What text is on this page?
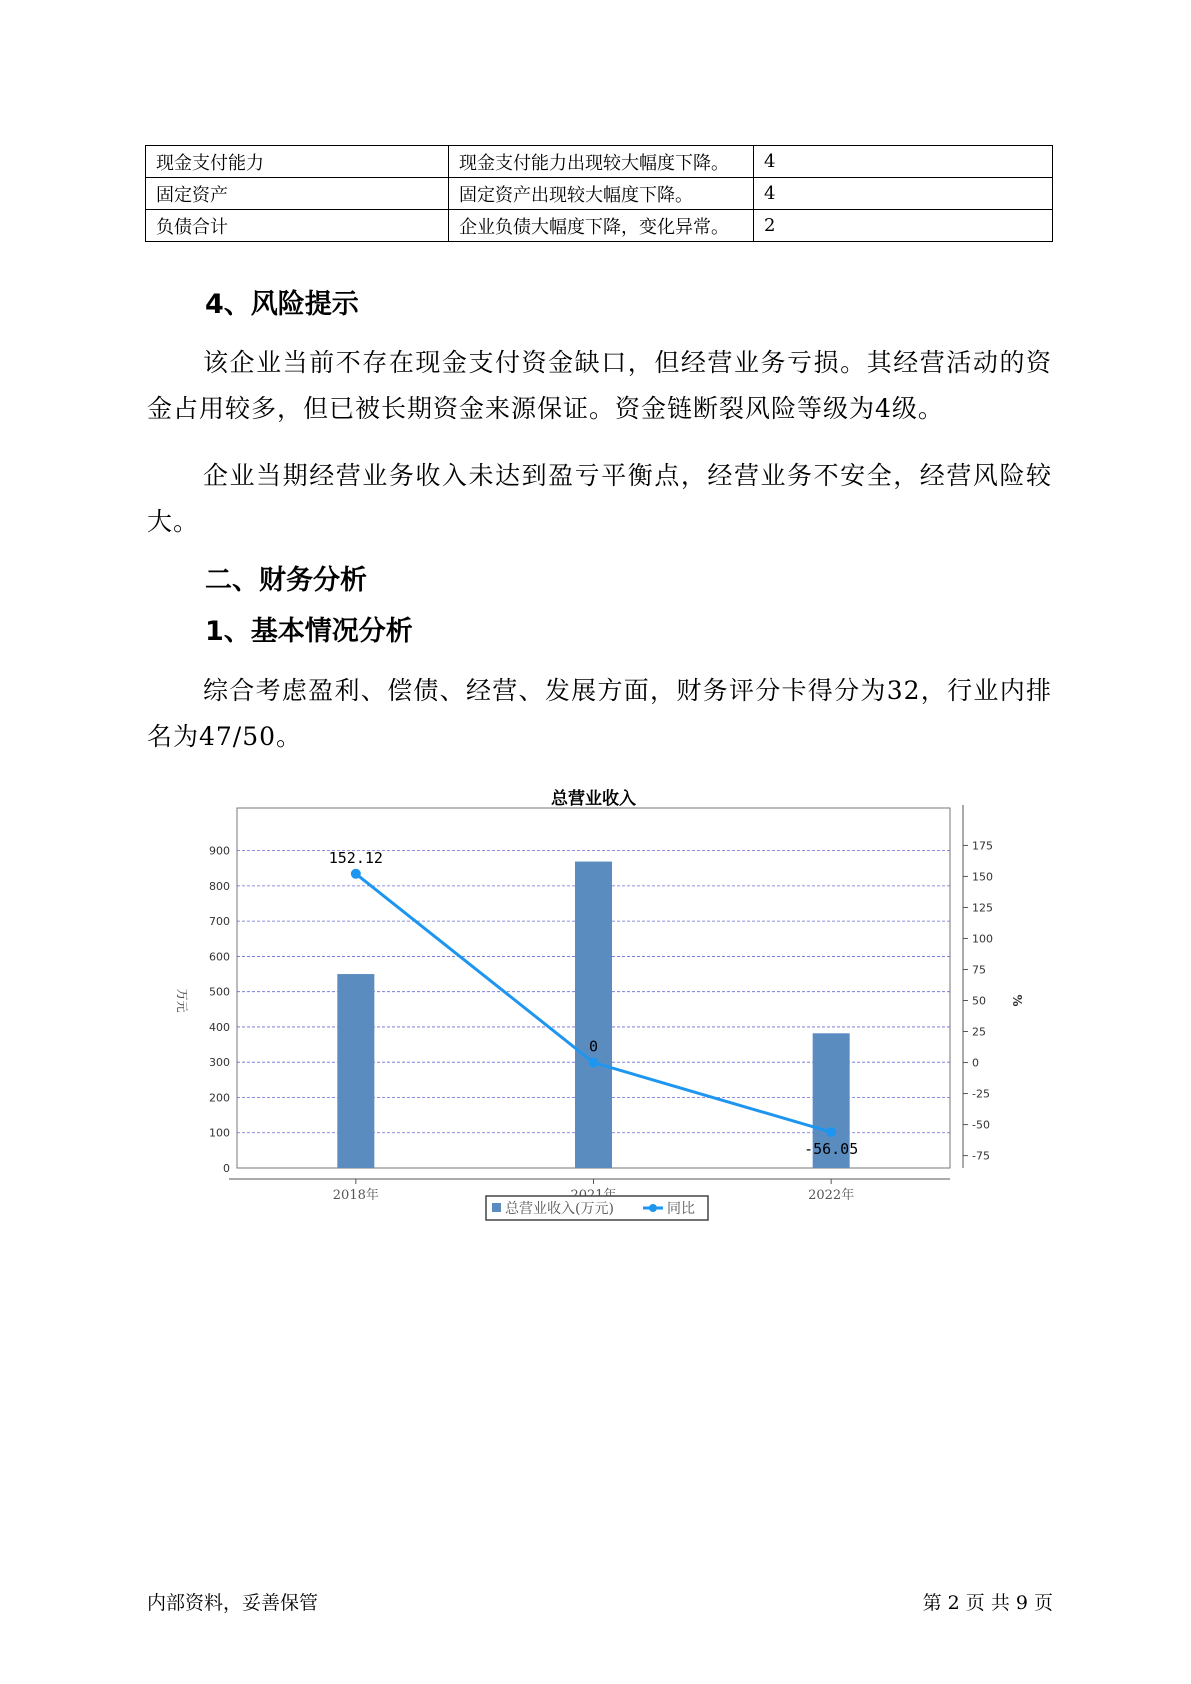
现金支付能力	现金支付能力出现较大幅度下降。	4
固定资产	固定资产出现较大幅度下降。	4
负债合计	企业负债大幅度下降，变化异常。	2
4、风险提示

该企业当前不存在现金支付资金缺口，但经营业务亏损。其经营活动的资金占用较多，但已被长期资金来源保证。资金链断裂风险等级为4级。

企业当期经营业务收入未达到盈亏平衡点，经营业务不安全，经营风险较大。

二、财务分析
1、基本情况分析

综合考虑盈利、偿债、经营、发展方面，财务评分卡得分为32，行业内排名为47/50。

总营业收入
0
100
200
300
400
500
600
700
800
900
-75
-50
-25
0
25
50
75
100
125
150
175
万元	%
2018年	2022年
152.12
0
-56.05
总营业收入(万元)	同比
内部资料，妥善保管	第 2 页 共 9 页
